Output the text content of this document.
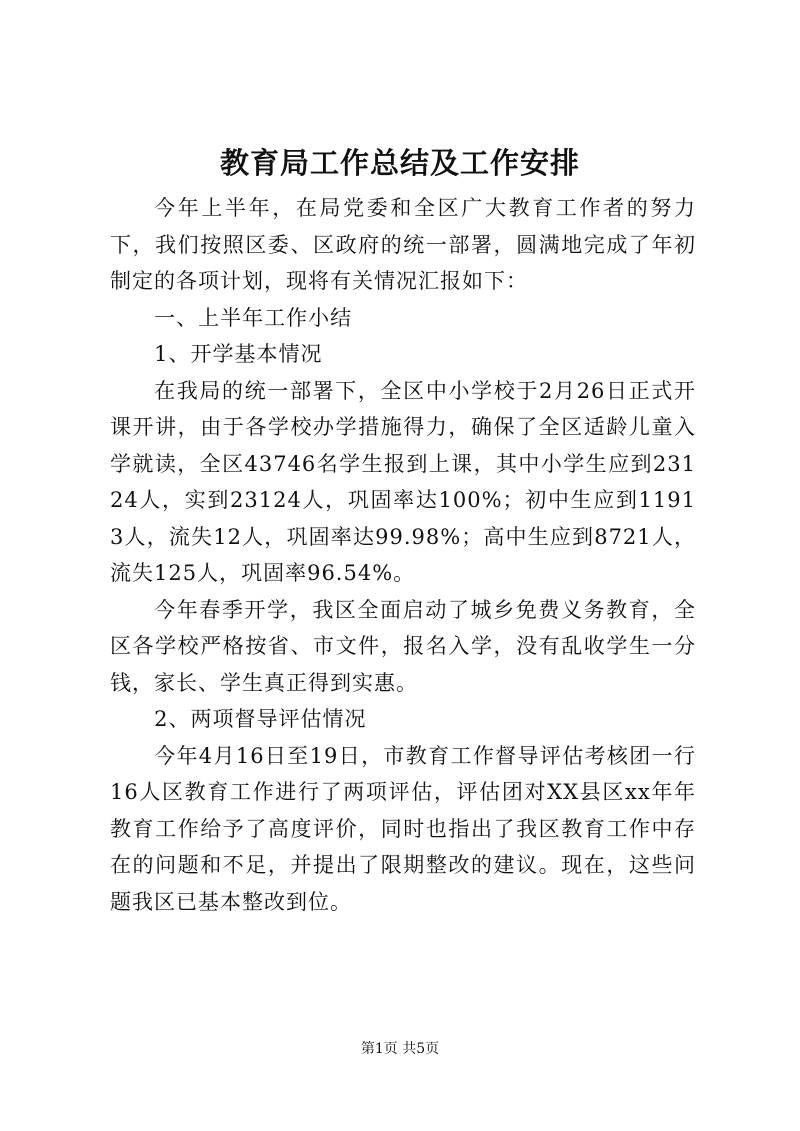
教育局工作总结及工作安排

今年上半年，在局党委和全区广大教育工作者的努力下，我们按照区委、区政府的统一部署，圆满地完成了年初制定的各项计划，现将有关情况汇报如下：

一、上半年工作小结

1、开学基本情况

在我局的统一部署下，全区中小学校于2月26日正式开课开讲，由于各学校办学措施得力，确保了全区适龄儿童入学就读，全区43746名学生报到上课，其中小学生应到23124人，实到23124人，巩固率达100%；初中生应到11913人，流失12人，巩固率达99.98%；高中生应到8721人，流失125人，巩固率96.54%。

今年春季开学，我区全面启动了城乡免费义务教育，全区各学校严格按省、市文件，报名入学，没有乱收学生一分钱，家长、学生真正得到实惠。

2、两项督导评估情况

今年4月16日至19日，市教育工作督导评估考核团一行16人区教育工作进行了两项评估，评估团对XX县区xx年年教育工作给予了高度评价，同时也指出了我区教育工作中存在的问题和不足，并提出了限期整改的建议。现在，这些问题我区已基本整改到位。

第1页 共5页
